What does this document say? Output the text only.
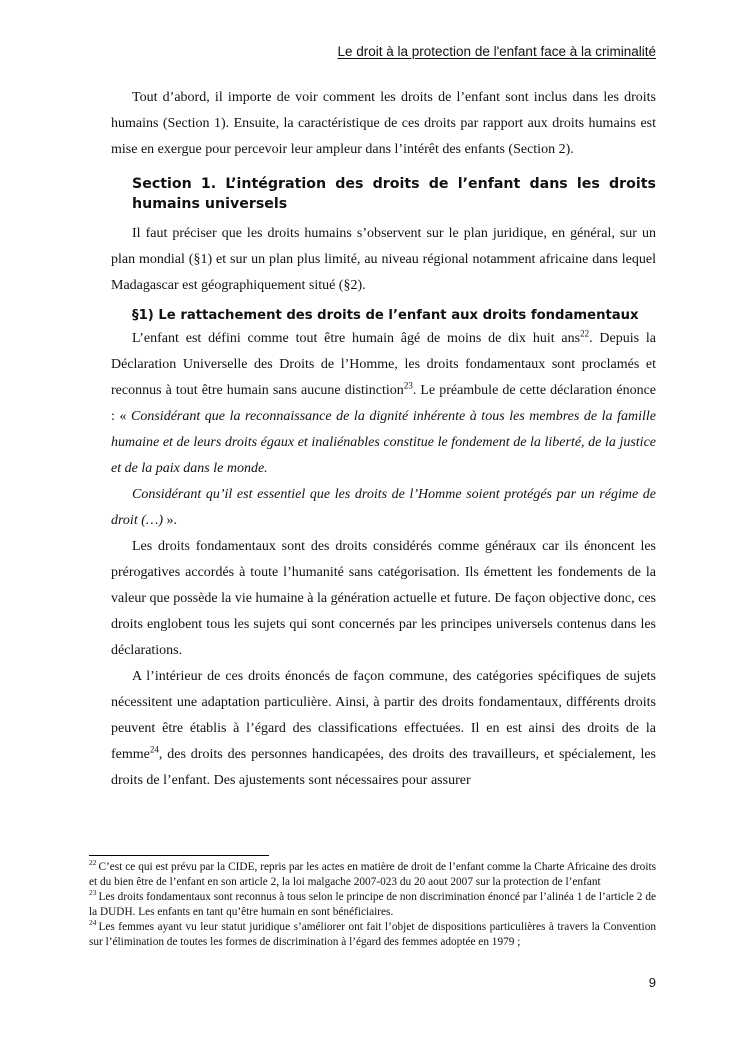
Le droit à la protection de l'enfant face à la criminalité

Tout d’abord, il importe de voir comment les droits de l’enfant sont inclus dans les droits humains (Section 1). Ensuite, la caractéristique de ces droits par rapport aux droits humains est mise en exergue pour percevoir leur ampleur dans l’intérêt des enfants (Section 2).

Section 1. L’intégration des droits de l’enfant dans les droits humains universels

Il faut préciser que les droits humains s’observent sur le plan juridique, en général, sur un plan mondial (§1) et sur un plan plus limité, au niveau régional notamment africaine dans lequel Madagascar est géographiquement situé (§2).

§1) Le rattachement des droits de l’enfant aux droits fondamentaux

L’enfant est défini comme tout être humain âgé de moins de dix huit ans$^{22}$. Depuis la Déclaration Universelle des Droits de l’Homme, les droits fondamentaux sont proclamés et reconnus à tout être humain sans aucune distinction$^{23}$. Le préambule de cette déclaration énonce : « Considérant que la reconnaissance de la dignité inhérente à tous les membres de la famille humaine et de leurs droits égaux et inaliénables constitue le fondement de la liberté, de la justice et de la paix dans le monde.

Considérant qu’il est essentiel que les droits de l’Homme soient protégés par un régime de droit (…) ».

Les droits fondamentaux sont des droits considérés comme généraux car ils énoncent les prérogatives accordés à toute l’humanité sans catégorisation. Ils émettent les fondements de la valeur que possède la vie humaine à la génération actuelle et future. De façon objective donc, ces droits englobent tous les sujets qui sont concernés par les principes universels contenus dans les déclarations.

A l’intérieur de ces droits énoncés de façon commune, des catégories spécifiques de sujets nécessitent une adaptation particulière. Ainsi, à partir des droits fondamentaux, différents droits peuvent être établis à l’égard des classifications effectuées. Il en est ainsi des droits de la femme$^{24}$, des droits des personnes handicapées, des droits des travailleurs, et spécialement, les droits de l’enfant. Des ajustements sont nécessaires pour assurer

$^{22}$ C’est ce qui est prévu par la CIDE, repris par les actes en matière de droit de l’enfant comme la Charte Africaine des droits et du bien être de l’enfant en son article 2, la loi malgache 2007-023 du 20 aout 2007 sur la protection de l’enfant

$^{23}$ Les droits fondamentaux sont reconnus à tous selon le principe de non discrimination énoncé par l’alinéa 1 de l’article 2 de la DUDH. Les enfants en tant qu’être humain en sont bénéficiaires.

$^{24}$ Les femmes ayant vu leur statut juridique s’améliorer ont fait l’objet de dispositions particulières à travers la Convention sur l’élimination de toutes les formes de discrimination à l’égard des femmes adoptée en 1979 ;

9
